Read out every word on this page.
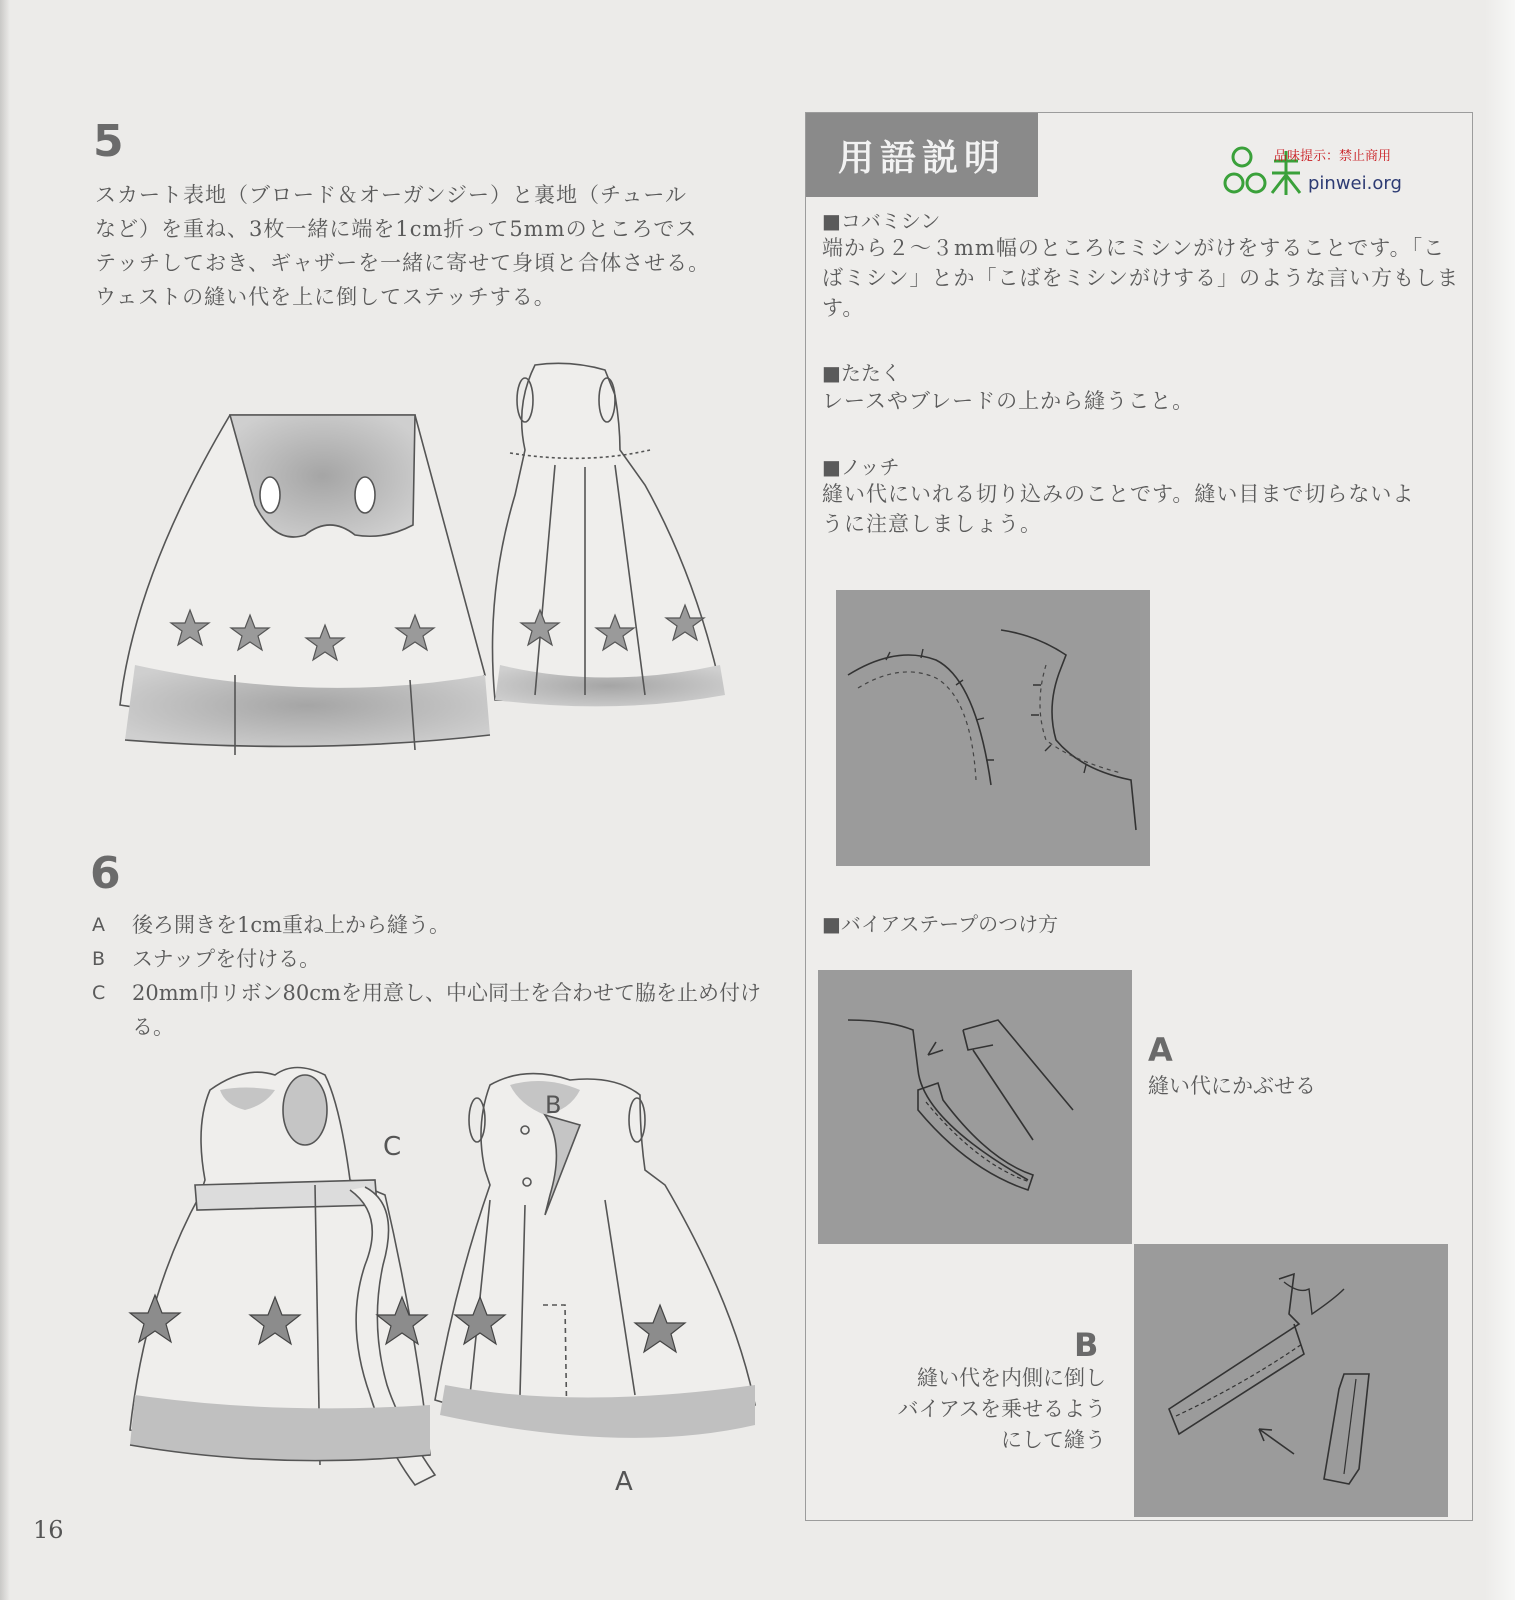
5
スカート表地（ブロード＆オーガンジー）と裏地（チュール
など）を重ね、3枚一緒に端を1cm折って5mmのところでス
テッチしておき、ギャザーを一緒に寄せて身頃と合体させる。
ウェストの縫い代を上に倒してステッチする。
6
A	後ろ開きを1cm重ね上から縫う。
B	スナップを付ける。
C	20mm巾リボン80cmを用意し、中心同士を合わせて脇を止め付ける。
C
B
A
用語説明
■コバミシン
端から２～３mm幅のところにミシンがけをすることです。「こばミシン」とか「こばをミシンがけする」のような言い方もします。
■たたく
レースやブレードの上から縫うこと。
■ノッチ
縫い代にいれる切り込みのことです。縫い目まで切らないように注意しましょう。
■バイアステープのつけ方
A
縫い代にかぶせる
B
縫い代を内側に倒し
バイアスを乗せるよう
にして縫う
品味提示：禁止商用
pinwei.org
16
